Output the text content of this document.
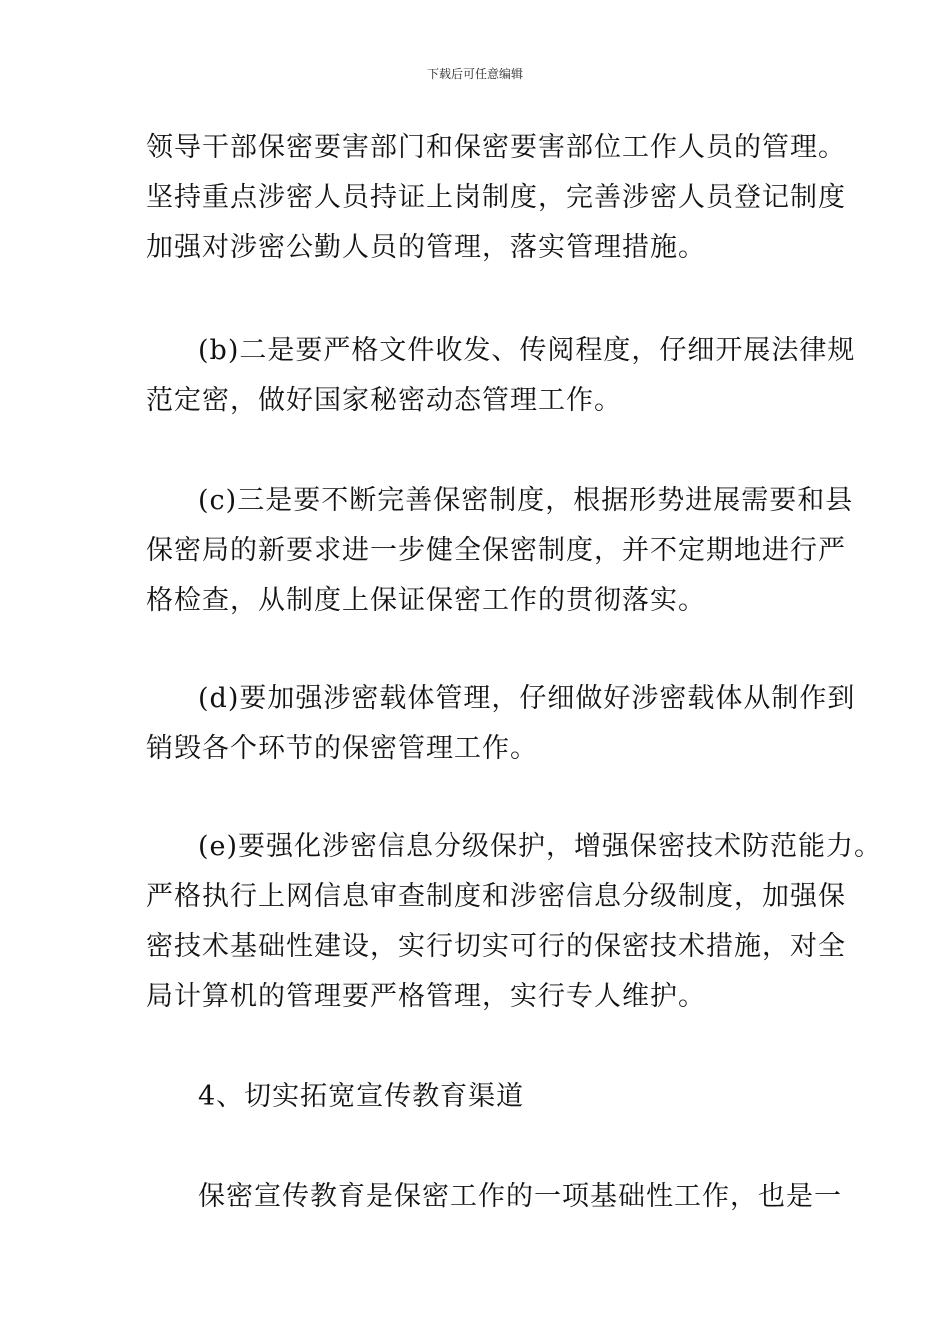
下载后可任意编辑
领导干部保密要害部门和保密要害部位工作人员的管理。
坚持重点涉密人员持证上岗制度，完善涉密人员登记制度
加强对涉密公勤人员的管理，落实管理措施。
(b)二是要严格文件收发、传阅程度，仔细开展法律规
范定密，做好国家秘密动态管理工作。
(c)三是要不断完善保密制度，根据形势进展需要和县
保密局的新要求进一步健全保密制度，并不定期地进行严
格检查，从制度上保证保密工作的贯彻落实。
(d)要加强涉密载体管理，仔细做好涉密载体从制作到
销毁各个环节的保密管理工作。
(e)要强化涉密信息分级保护，增强保密技术防范能力。
严格执行上网信息审查制度和涉密信息分级制度，加强保
密技术基础性建设，实行切实可行的保密技术措施，对全
局计算机的管理要严格管理，实行专人维护。
4、切实拓宽宣传教育渠道
保密宣传教育是保密工作的一项基础性工作，也是一
